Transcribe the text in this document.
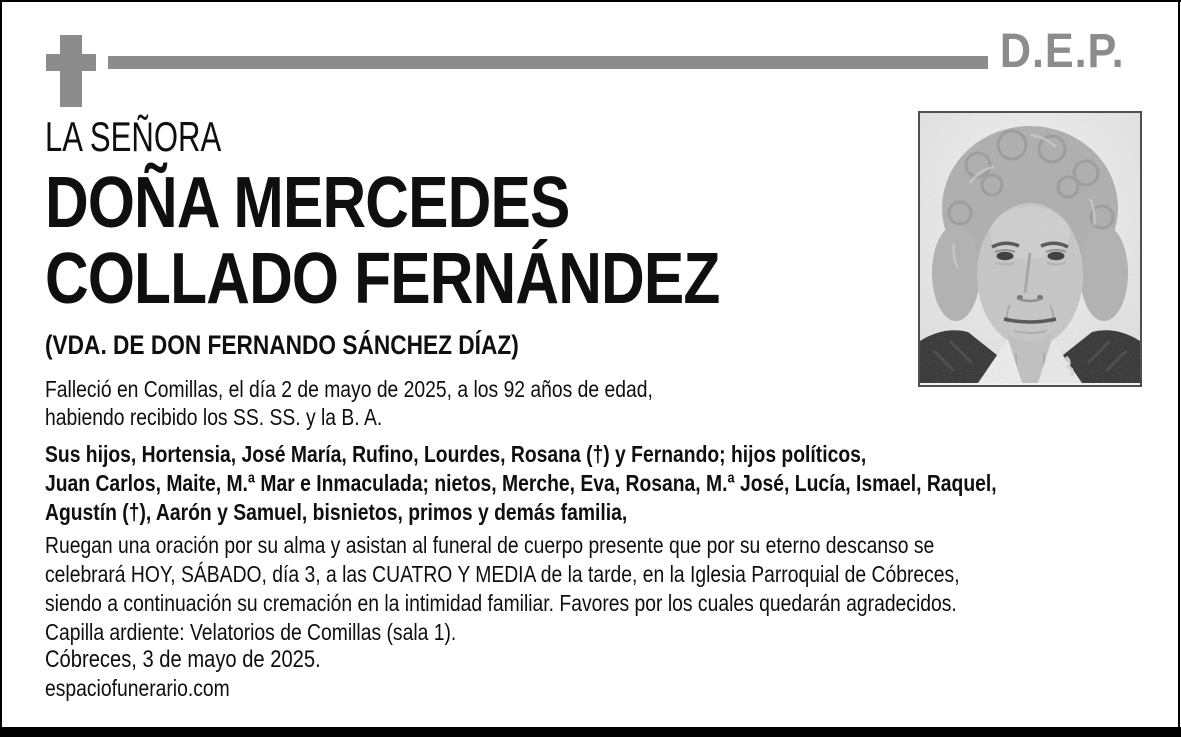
D.E.P.
LA SEÑORA
DOÑA MERCEDES
COLLADO FERNÁNDEZ
(VDA. DE DON FERNANDO SÁNCHEZ DÍAZ)
Falleció en Comillas, el día 2 de mayo de 2025, a los 92 años de edad,
habiendo recibido los SS. SS. y la B. A.
Sus hijos, Hortensia, José María, Rufino, Lourdes, Rosana (†) y Fernando; hijos políticos,
Juan Carlos, Maite, M.ª Mar e Inmaculada; nietos, Merche, Eva, Rosana, M.ª José, Lucía, Ismael, Raquel,
Agustín (†), Aarón y Samuel, bisnietos, primos y demás familia,
Ruegan una oración por su alma y asistan al funeral de cuerpo presente que por su eterno descanso se
celebrará HOY, SÁBADO, día 3, a las CUATRO Y MEDIA de la tarde, en la Iglesia Parroquial de Cóbreces,
siendo a continuación su cremación en la intimidad familiar. Favores por los cuales quedarán agradecidos.
Capilla ardiente: Velatorios de Comillas (sala 1).
Cóbreces, 3 de mayo de 2025.
espaciofunerario.com
